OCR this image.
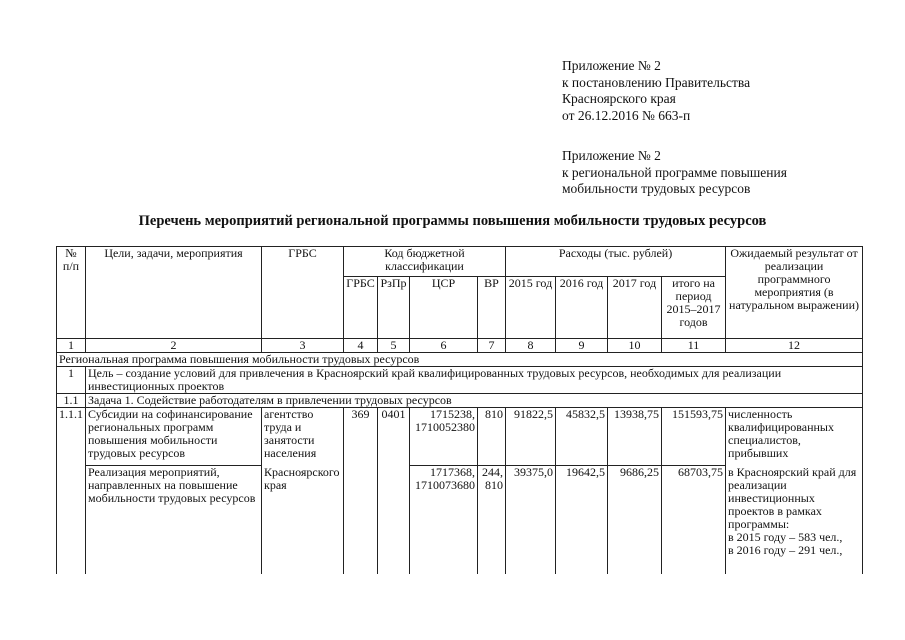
Приложение № 2
к постановлению Правительства
Красноярского края
от 26.12.2016 № 663-п
Приложение № 2
к региональной программе повышения
мобильности трудовых ресурсов
Перечень мероприятий региональной программы повышения мобильности трудовых ресурсов
№ п/п	Цели, задачи, мероприятия	ГРБС	Код бюджетной классификации				Расходы (тыс. рублей)				Ожидаемый результат от реализации программного мероприятия (в натуральном выражении)
			ГРБС	РзПр	ЦСР	ВР	2015 год	2016 год	2017 год	итого на период 2015–2017 годов	
1	2	3	4	5	6	7	8	9	10	11	12
Региональная программа повышения мобильности трудовых ресурсов											
1	Цель – создание условий для привлечения в Красноярский край квалифицированных трудовых ресурсов, необходимых для реализации инвестиционных проектов										
1.1	Задача 1. Содействие работодателям в привлечении трудовых ресурсов										
1.1.1	Субсидии на софинансирование региональных программ повышения мобильности трудовых ресурсов	агентство труда и занятости населения	369	0401	1715238, 1710052380	810	91822,5	45832,5	13938,75	151593,75	численность квалифицированных специалистов, прибывших
	Реализация мероприятий, направленных на повышение мобильности трудовых ресурсов	Красноярского края			1717368, 1710073680	244, 810	39375,0	19642,5	9686,25	68703,75	в Красноярский край для реализации инвестиционных проектов в рамках программы:
в 2015 году – 583 чел.,
в 2016 году – 291 чел.,
